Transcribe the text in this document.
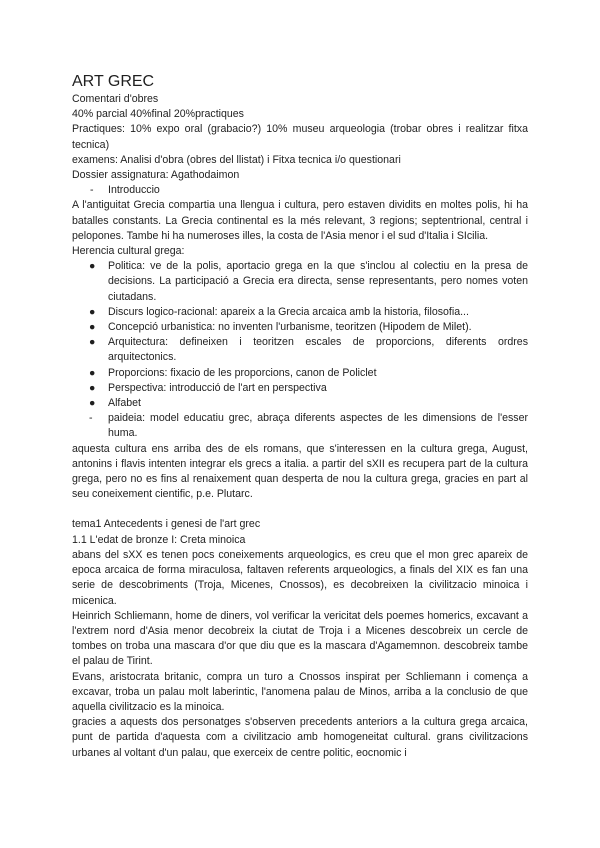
ART GREC
Comentari d'obres
40% parcial 40%final 20%practiques

Practiques: 10% expo oral (grabacio?) 10% museu arqueologia (trobar obres i realitzar fitxa tecnica)

examens: Analisi d'obra (obres del llistat) i Fitxa tecnica i/o questionari
Dossier assignatura: Agathodaimon
- Introduccio

A l'antiguitat Grecia compartia una llengua i cultura, pero estaven dividits en moltes polis, hi ha batalles constants. La Grecia continental es la més relevant, 3 regions; septentrional, central i pelopones. Tambe hi ha numeroses illes, la costa de l'Asia menor i el sud d'Italia i SIcilia.

Herencia cultural grega:
● Politica: ve de la polis, aportacio grega en la que s'inclou al colectiu en la presa de decisions. La participació a Grecia era directa, sense representants, pero nomes voten ciutadans.
● Discurs logico-racional: apareix a la Grecia arcaica amb la historia, filosofia...
● Concepció urbanistica: no inventen l'urbanisme, teoritzen (Hipodem de Milet).
● Arquitectura: defineixen i teoritzen escales de proporcions, diferents ordres arquitectonics.
● Proporcions: fixacio de les proporcions, canon de Policlet
● Perspectiva: introducció de l'art en perspectiva
● Alfabet
- paideia: model educatiu grec, abraça diferents aspectes de les dimensions de l'esser huma.

aquesta cultura ens arriba des de els romans, que s'interessen en la cultura grega, August, antonins i flavis intenten integrar els grecs a italia. a partir del sXII es recupera part de la cultura grega, pero no es fins al renaixement quan desperta de nou la cultura grega, gracies en part al seu coneixement cientific, p.e. Plutarc.

tema1 Antecedents i genesi de l'art grec
1.1 L'edat de bronze I: Creta minoica

abans del sXX es tenen pocs coneixements arqueologics, es creu que el mon grec apareix de epoca arcaica de forma miraculosa, faltaven referents arqueologics, a finals del XIX es fan una serie de descobriments (Troja, Micenes, Cnossos), es decobreixen la civilitzacio minoica i micenica.

Heinrich Schliemann, home de diners, vol verificar la vericitat dels poemes homerics, excavant a l'extrem nord d'Asia menor decobreix la ciutat de Troja i a Micenes descobreix un cercle de tombes on troba una mascara d'or que diu que es la mascara d'Agamemnon. descobreix tambe el palau de Tirint.

Evans, aristocrata britanic, compra un turo a Cnossos inspirat per Schliemann i comença a excavar, troba un palau molt laberintic, l'anomena palau de Minos, arriba a la conclusio de que aquella civilitzacio es la minoica.

gracies a aquests dos personatges s'observen precedents anteriors a la cultura grega arcaica, punt de partida d'aquesta com a civilitzacio amb homogeneitat cultural. grans civilitzacions urbanes al voltant d'un palau, que exerceix de centre politic, eocnomic i
